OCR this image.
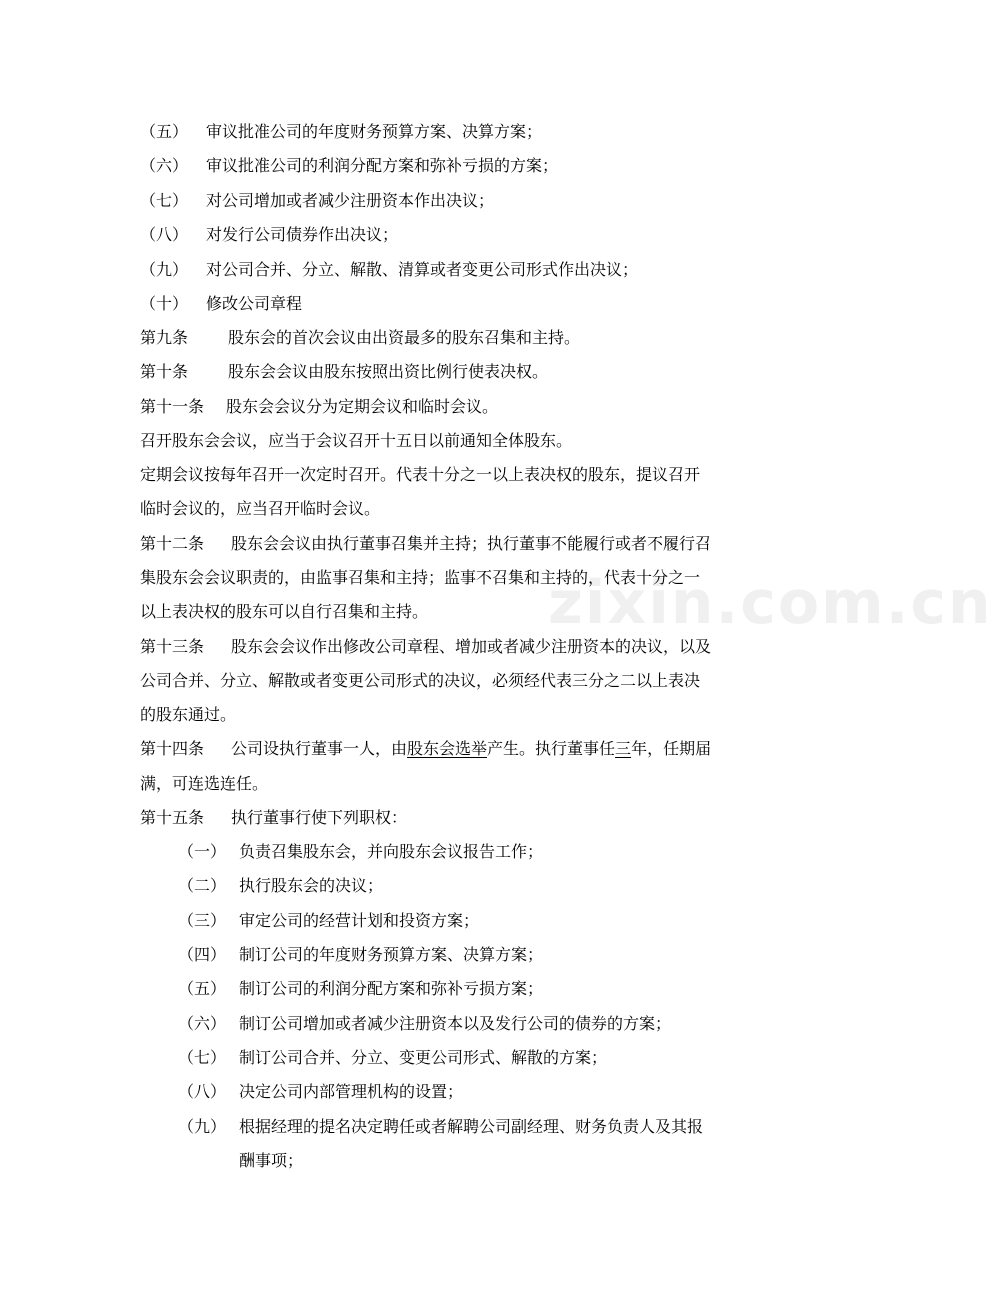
zixin.com.cn
（五）	审议批准公司的年度财务预算方案、决算方案；
（六）	审议批准公司的利润分配方案和弥补亏损的方案；
（七）	对公司增加或者减少注册资本作出决议；
（八）	对发行公司债券作出决议；
（九）	对公司合并、分立、解散、清算或者变更公司形式作出决议；
（十）	修改公司章程
第九条 股东会的首次会议由出资最多的股东召集和主持。
第十条 股东会会议由股东按照出资比例行使表决权。
第十一条 股东会会议分为定期会议和临时会议。
召开股东会会议，应当于会议召开十五日以前通知全体股东。
定期会议按每年召开一次定时召开。代表十分之一以上表决权的股东，提议召开
临时会议的，应当召开临时会议。
第十二条 股东会会议由执行董事召集并主持；执行董事不能履行或者不履行召
集股东会会议职责的，由监事召集和主持；监事不召集和主持的，代表十分之一
以上表决权的股东可以自行召集和主持。
第十三条 股东会会议作出修改公司章程、增加或者减少注册资本的决议，以及
公司合并、分立、解散或者变更公司形式的决议，必须经代表三分之二以上表决
的股东通过。
第十四条 公司设执行董事一人，由股东会选举产生。执行董事任三年，任期届
满，可连选连任。
第十五条 执行董事行使下列职权：
（一） 负责召集股东会，并向股东会议报告工作；
（二） 执行股东会的决议；
（三） 审定公司的经营计划和投资方案；
（四） 制订公司的年度财务预算方案、决算方案；
（五） 制订公司的利润分配方案和弥补亏损方案；
（六） 制订公司增加或者减少注册资本以及发行公司的债券的方案；
（七） 制订公司合并、分立、变更公司形式、解散的方案；
（八） 决定公司内部管理机构的设置；
（九） 根据经理的提名决定聘任或者解聘公司副经理、财务负责人及其报
酬事项；
